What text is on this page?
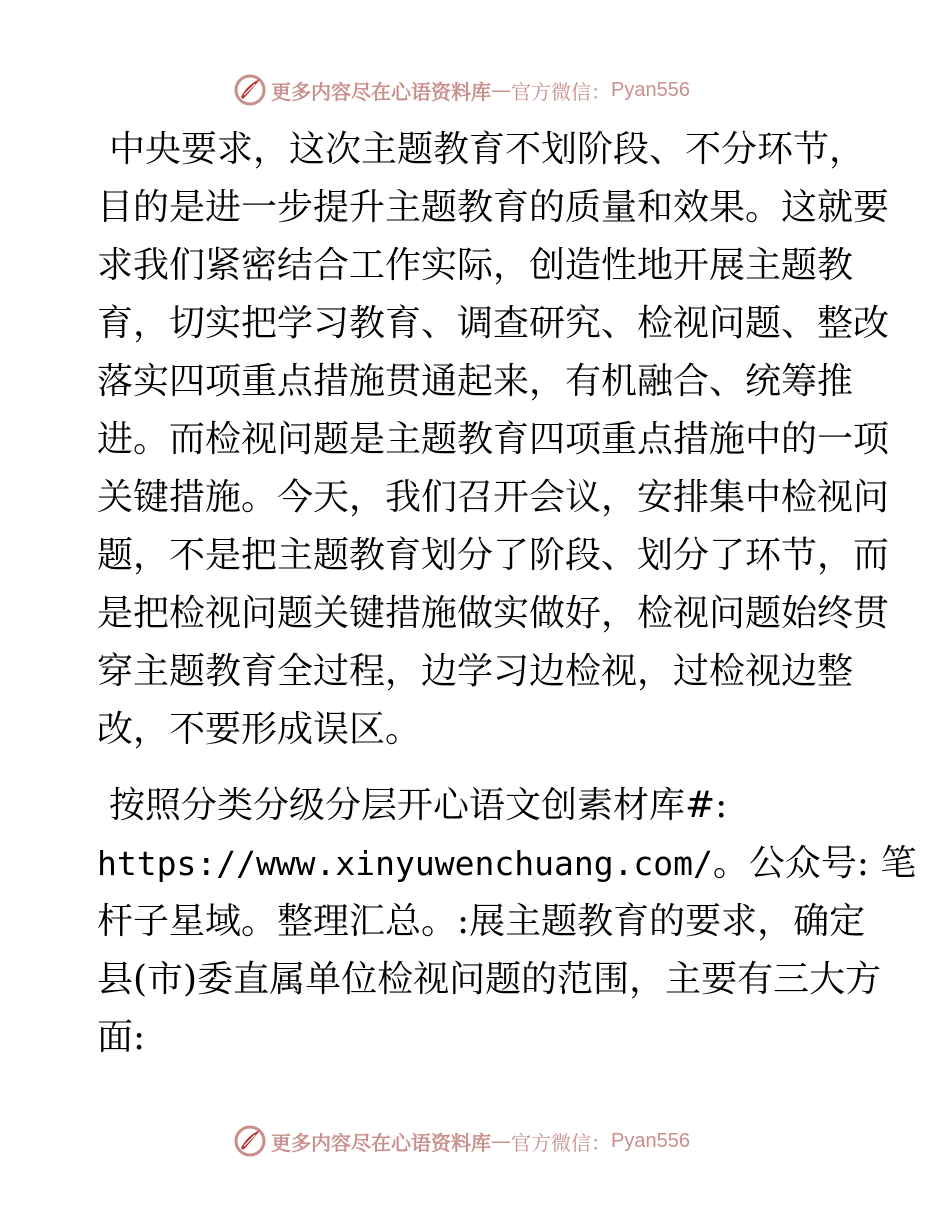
更多内容尽在心语资料库 — 官方微信： Pyan556
中央要求，这次主题教育不划阶段、不分环节，
目的是进一步提升主题教育的质量和效果。这就要
求我们紧密结合工作实际，创造性地开展主题教
育，切实把学习教育、调查研究、检视问题、整改
落实四项重点措施贯通起来，有机融合、统筹推
进。而检视问题是主题教育四项重点措施中的一项
关键措施。今天，我们召开会议，安排集中检视问
题，不是把主题教育划分了阶段、划分了环节，而
是把检视问题关键措施做实做好，检视问题始终贯
穿主题教育全过程，边学习边检视，过检视边整
改，不要形成误区。
按照分类分级分层开心语文创素材库#:
https://www.xinyuwenchuang.com/。公众号: 笔
杆子星域。整理汇总。:展主题教育的要求，确定
县(市)委直属单位检视问题的范围，主要有三大方
面:
更多内容尽在心语资料库 — 官方微信： Pyan556
